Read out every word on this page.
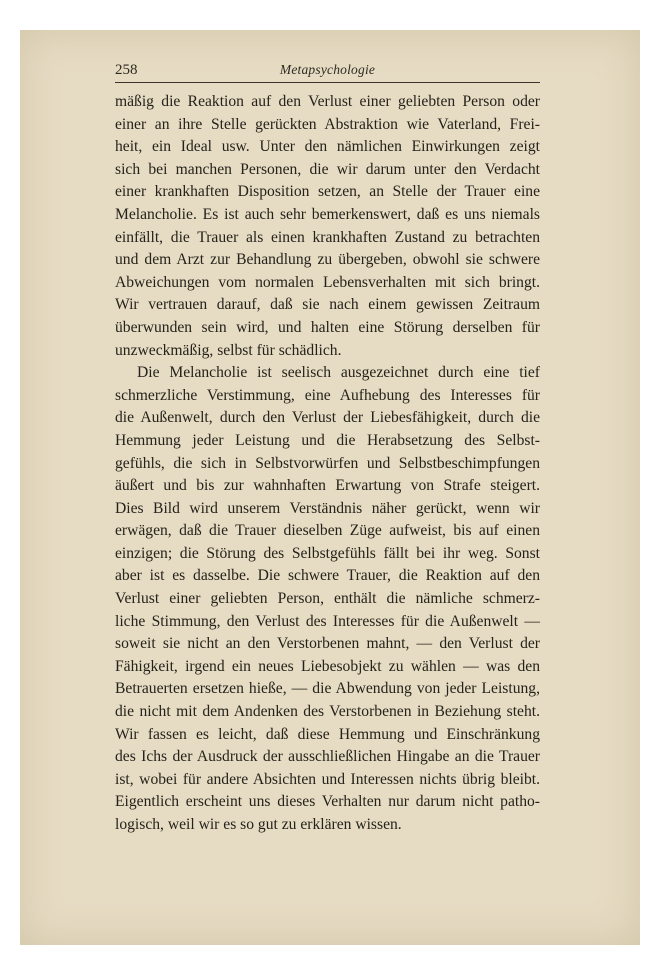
258	Metapsychologie
mäßig die Reaktion auf den Verlust einer geliebten Person oder
einer an ihre Stelle gerückten Abstraktion wie Vaterland, Frei-
heit, ein Ideal usw. Unter den nämlichen Einwirkungen zeigt
sich bei manchen Personen, die wir darum unter den Verdacht
einer krankhaften Disposition setzen, an Stelle der Trauer eine
Melancholie. Es ist auch sehr bemerkenswert, daß es uns niemals
einfällt, die Trauer als einen krankhaften Zustand zu betrachten
und dem Arzt zur Behandlung zu übergeben, obwohl sie schwere
Abweichungen vom normalen Lebensverhalten mit sich bringt.
Wir vertrauen darauf, daß sie nach einem gewissen Zeitraum
überwunden sein wird, und halten eine Störung derselben für
unzweckmäßig, selbst für schädlich.
Die Melancholie ist seelisch ausgezeichnet durch eine tief
schmerzliche Verstimmung, eine Aufhebung des Interesses für
die Außenwelt, durch den Verlust der Liebesfähigkeit, durch die
Hemmung jeder Leistung und die Herabsetzung des Selbst-
gefühls, die sich in Selbstvorwürfen und Selbstbeschimpfungen
äußert und bis zur wahnhaften Erwartung von Strafe steigert.
Dies Bild wird unserem Verständnis näher gerückt, wenn wir
erwägen, daß die Trauer dieselben Züge aufweist, bis auf einen
einzigen; die Störung des Selbstgefühls fällt bei ihr weg. Sonst
aber ist es dasselbe. Die schwere Trauer, die Reaktion auf den
Verlust einer geliebten Person, enthält die nämliche schmerz-
liche Stimmung, den Verlust des Interesses für die Außenwelt —
soweit sie nicht an den Verstorbenen mahnt, — den Verlust der
Fähigkeit, irgend ein neues Liebesobjekt zu wählen — was den
Betrauerten ersetzen hieße, — die Abwendung von jeder Leistung,
die nicht mit dem Andenken des Verstorbenen in Beziehung steht.
Wir fassen es leicht, daß diese Hemmung und Einschränkung
des Ichs der Ausdruck der ausschließlichen Hingabe an die Trauer
ist, wobei für andere Absichten und Interessen nichts übrig bleibt.
Eigentlich erscheint uns dieses Verhalten nur darum nicht patho-
logisch, weil wir es so gut zu erklären wissen.
